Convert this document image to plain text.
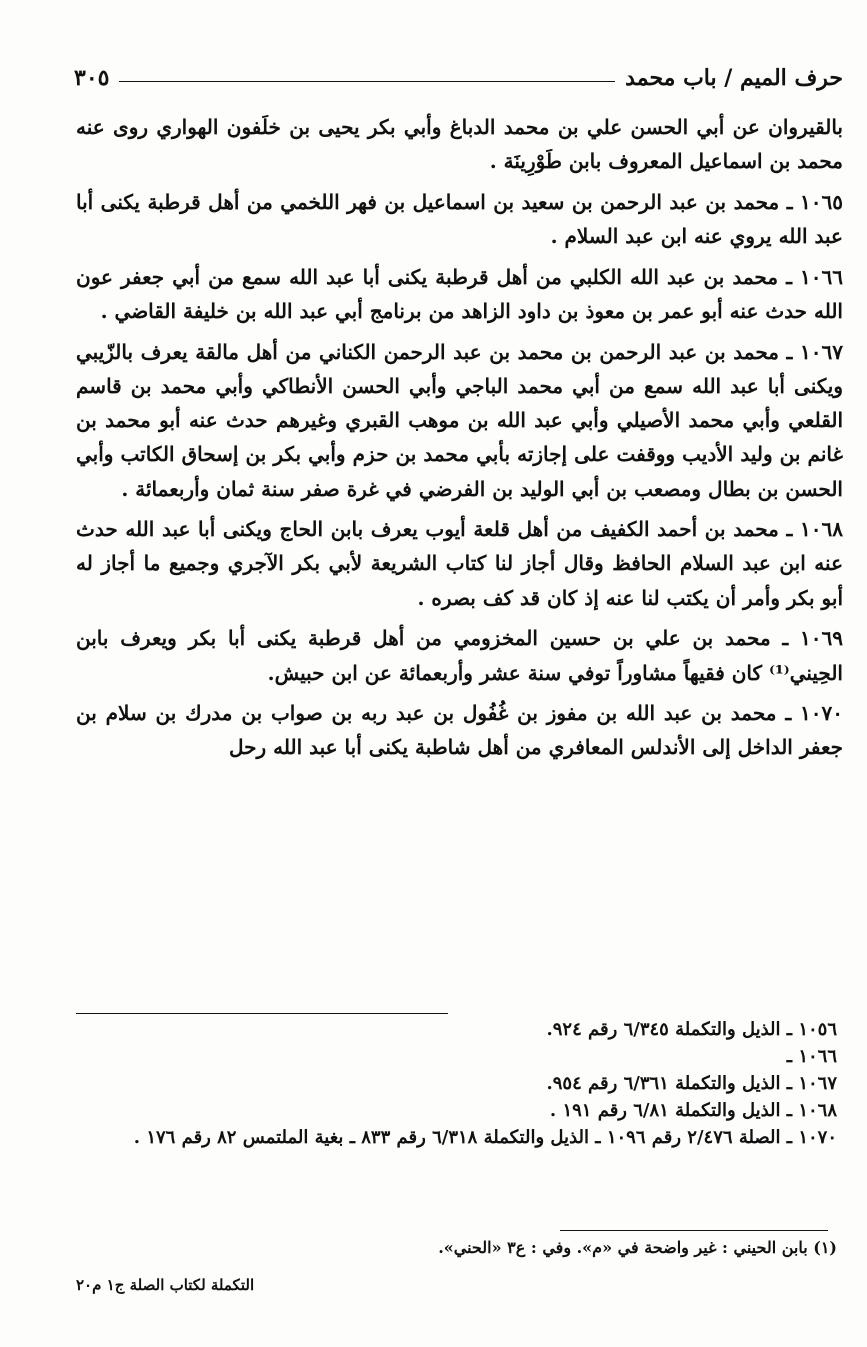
حرف الميم / باب محمد
٣٠٥

بالقيروان عن أبي الحسن علي بن محمد الدباغ وأبي بكر يحيى بن خلَفون الهواري روى عنه محمد بن اسماعيل المعروف بابن طَوْرِينَة .

١٠٦٥ ـ محمد بن عبد الرحمن بن سعيد بن اسماعيل بن فهر اللخمي من أهل قرطبة يكنى أبا عبد الله يروي عنه ابن عبد السلام .

١٠٦٦ ـ محمد بن عبد الله الكلبي من أهل قرطبة يكنى أبا عبد الله سمع من أبي جعفر عون الله حدث عنه أبو عمر بن معوذ بن داود الزاهد من برنامج أبي عبد الله بن خليفة القاضي .

١٠٦٧ ـ محمد بن عبد الرحمن بن محمد بن عبد الرحمن الكناني من أهل مالقة يعرف بالزّيبي ويكنى أبا عبد الله سمع من أبي محمد الباجي وأبي الحسن الأنطاكي وأبي محمد بن قاسم القلعي وأبي محمد الأصيلي وأبي عبد الله بن موهب القبري وغيرهم حدث عنه أبو محمد بن غانم بن وليد الأديب ووقفت على إجازته بأبي محمد بن حزم وأبي بكر بن إسحاق الكاتب وأبي الحسن بن بطال ومصعب بن أبي الوليد بن الفرضي في غرة صفر سنة ثمان وأربعمائة .

١٠٦٨ ـ محمد بن أحمد الكفيف من أهل قلعة أيوب يعرف بابن الحاج ويكنى أبا عبد الله حدث عنه ابن عبد السلام الحافظ وقال أجاز لنا كتاب الشريعة لأبي بكر الآجري وجميع ما أجاز له أبو بكر وأمر أن يكتب لنا عنه إذ كان قد كف بصره .

١٠٦٩ ـ محمد بن علي بن حسين المخزومي من أهل قرطبة يكنى أبا بكر ويعرف بابن الحِيني⁽¹⁾ كان فقيهاً مشاوراً توفي سنة عشر وأربعمائة عن ابن حبيش.

١٠٧٠ ـ محمد بن عبد الله بن مفوز بن غُفُول بن عبد ربه بن صواب بن مدرك بن سلام بن جعفر الداخل إلى الأندلس المعافري من أهل شاطبة يكنى أبا عبد الله رحل

١٠٥٦ ـ الذيل والتكملة ٦/٣٤٥ رقم ٩٢٤.

١٠٦٦ ـ

١٠٦٧ ـ الذيل والتكملة ٦/٣٦١ رقم ٩٥٤.

١٠٦٨ ـ الذيل والتكملة ٦/٨١ رقم ١٩١ .

١٠٧٠ ـ الصلة ٢/٤٧٦ رقم ١٠٩٦ ـ الذيل والتكملة ٦/٣١٨ رقم ٨٣٣ ـ بغية الملتمس ٨٢ رقم ١٧٦ .

(١) بابن الحيني : غير واضحة في «م». وفي : ع٣ «الحني».
التكملة لكتاب الصلة ج١ م٢٠
